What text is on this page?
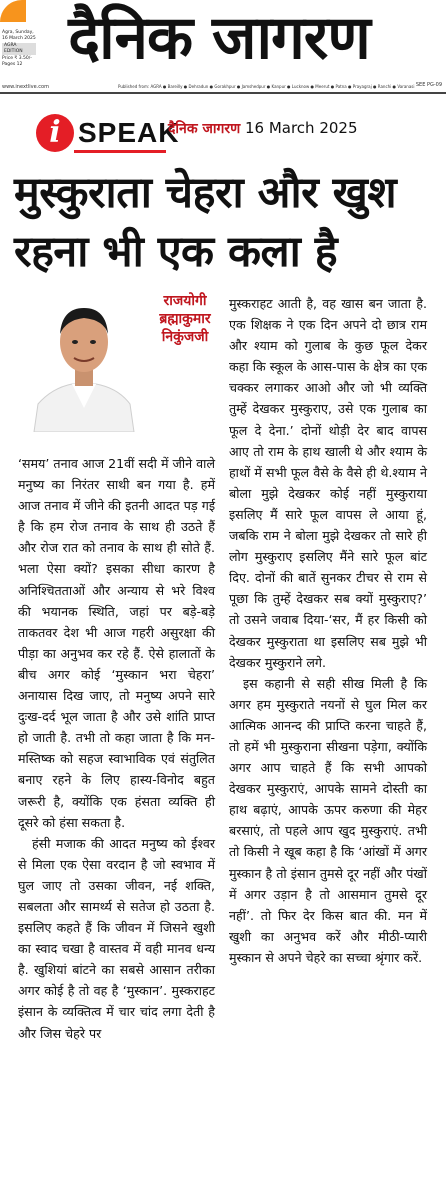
Agra, Sunday,
16 March 2025
AGRA EDITION
Price ₹ 3.50/-
Pages 12 दैनिक जागरण
www.inextlive.com	Published from: AGRA ● Bareilly ● Dehradun ● Gorakhpur ● Jamshedpur ● Kanpur ● Lucknow ● Meerut ● Patna ● Prayagraj ● Ranchi ● Varanasi SEE PG-09
i SPEAK
दैनिक जागरण 16 March 2025
मुस्कुराता चेहरा और खुश रहना भी एक कला है
राजयोगी
ब्रह्माकुमार
निकुंजजी

‘समय’ तनाव आज 21वीं सदी में जीने वाले मनुष्य का निरंतर साथी बन गया है. हमें आज तनाव में जीने की इतनी आदत पड़ गई है कि हम रोज तनाव के साथ ही उठते हैं और रोज रात को तनाव के साथ ही सोते हैं. भला ऐसा क्यों? इसका सीधा कारण है अनिश्चितताओं और अन्याय से भरे विश्व की भयानक स्थिति, जहां पर बड़े-बड़े ताकतवर देश भी आज गहरी असुरक्षा की पीड़ा का अनुभव कर रहे हैं. ऐसे हालातों के बीच अगर कोई ‘मुस्कान भरा चेहरा’ अनायास दिख जाए, तो मनुष्य अपने सारे दुःख-दर्द भूल जाता है और उसे शांति प्राप्त हो जाती है. तभी तो कहा जाता है कि मन-मस्तिष्क को सहज स्वाभाविक एवं संतुलित बनाए रहने के लिए हास्य-विनोद बहुत जरूरी है, क्योंकि एक हंसता व्यक्ति ही दूसरे को हंसा सकता है.

हंसी मजाक की आदत मनुष्य को ईश्वर से मिला एक ऐसा वरदान है जो स्वभाव में घुल जाए तो उसका जीवन, नई शक्ति, सबलता और सामर्थ्य से सतेज हो उठता है. इसलिए कहते हैं कि जीवन में जिसने खुशी का स्वाद चखा है वास्तव में वही मानव धन्य है. खुशियां बांटने का सबसे आसान तरीका अगर कोई है तो वह है ‘मुस्कान’. मुस्कराहट इंसान के व्यक्तित्व में चार चांद लगा देती है और जिस चेहरे पर

मुस्कराहट आती है, वह खास बन जाता है. एक शिक्षक ने एक दिन अपने दो छात्र राम और श्याम को गुलाब के कुछ फूल देकर कहा कि स्कूल के आस-पास के क्षेत्र का एक चक्कर लगाकर आओ और जो भी व्यक्ति तुम्हें देखकर मुस्कुराए, उसे एक गुलाब का फूल दे देना.’ दोनों थोड़ी देर बाद वापस आए तो राम के हाथ खाली थे और श्याम के हाथों में सभी फूल वैसे के वैसे ही थे.श्याम ने बोला मुझे देखकर कोई नहीं मुस्कुराया इसलिए मैं सारे फूल वापस ले आया हूं, जबकि राम ने बोला मुझे देखकर तो सारे ही लोग मुस्कुराए इसलिए मैंने सारे फूल बांट दिए. दोनों की बातें सुनकर टीचर से राम से पूछा कि तुम्हें देखकर सब क्यों मुस्कुराए?’ तो उसने जवाब दिया-‘सर, मैं हर किसी को देखकर मुस्कुराता था इसलिए सब मुझे भी देखकर मुस्कुराने लगे.

इस कहानी से सही सीख मिली है कि अगर हम मुस्कुराते नयनों से घुल मिल कर आत्मिक आनन्द की प्राप्ति करना चाहते हैं, तो हमें भी मुस्कुराना सीखना पड़ेगा, क्योंकि अगर आप चाहते हैं कि सभी आपको देखकर मुस्कुराएं, आपके सामने दोस्ती का हाथ बढ़ाएं, आपके ऊपर करुणा की मेहर बरसाएं, तो पहले आप खुद मुस्कुराएं. तभी तो किसी ने खूब कहा है कि ‘आंखों में अगर मुस्कान है तो इंसान तुमसे दूर नहीं और पंखों में अगर उड़ान है तो आसमान तुमसे दूर नहीं’. तो फिर देर किस बात की. मन में खुशी का अनुभव करें और मीठी-प्यारी मुस्कान से अपने चेहरे का सच्चा श्रृंगार करें.
